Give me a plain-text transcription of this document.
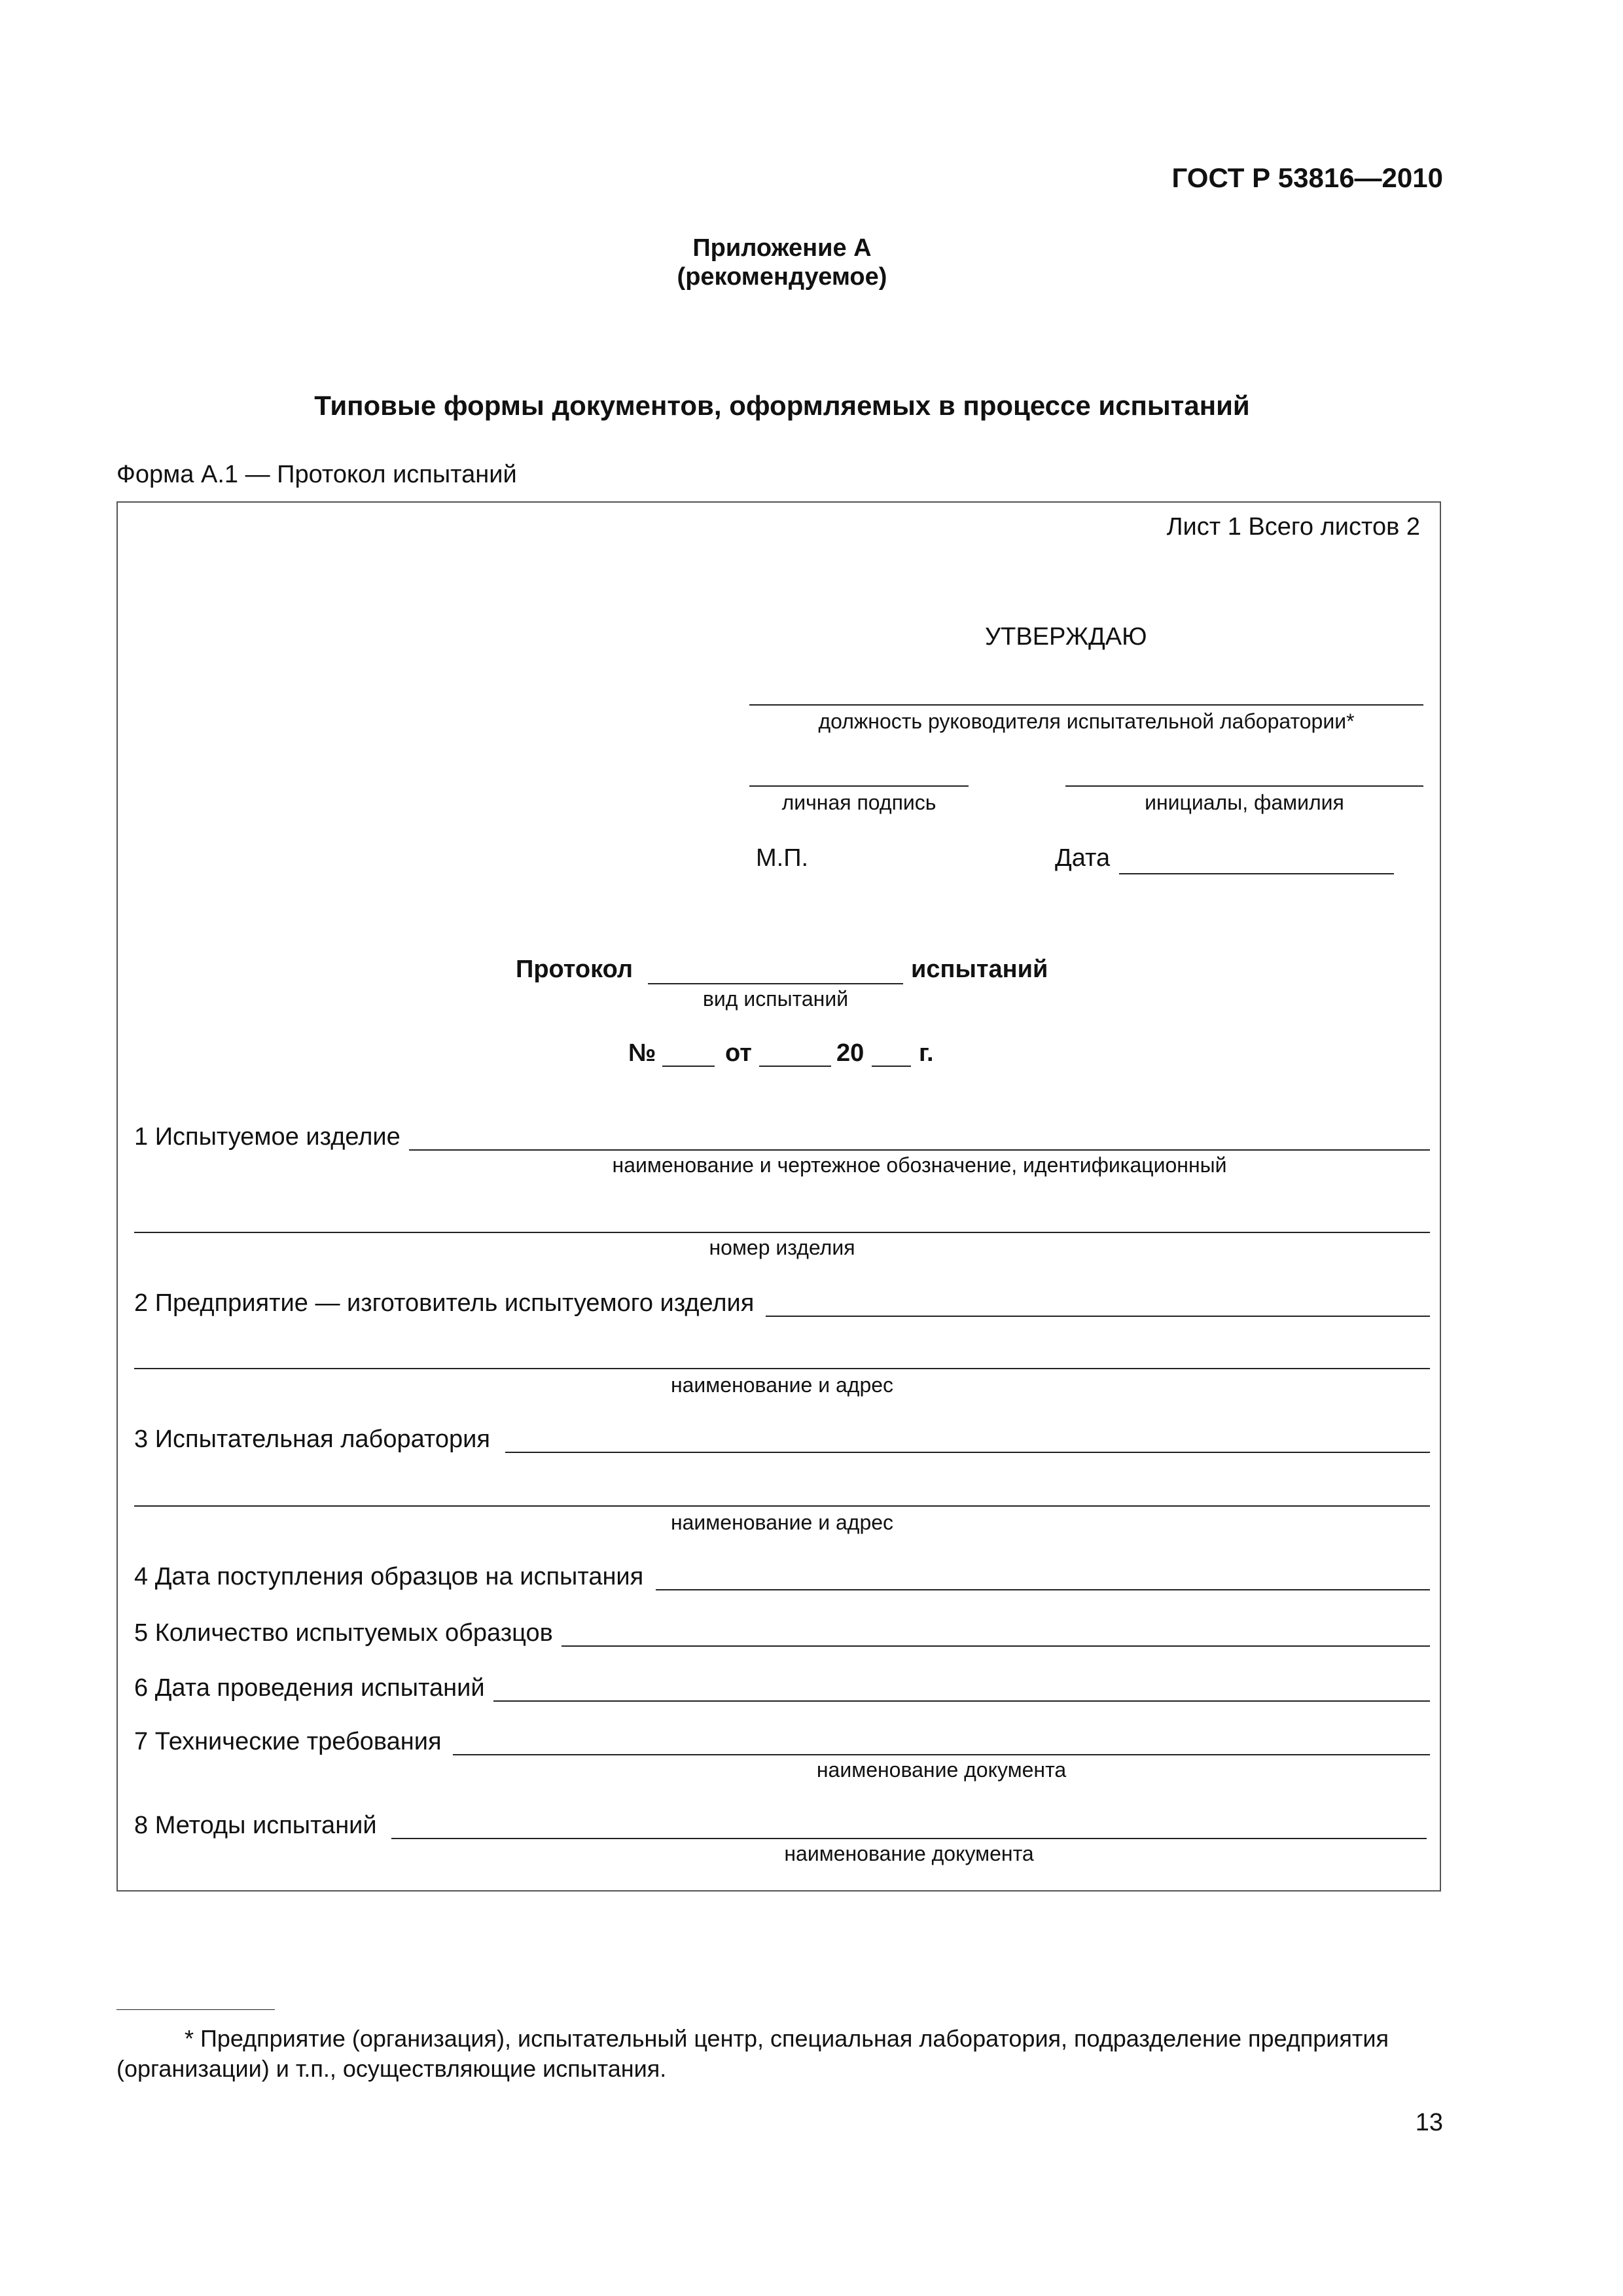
ГОСТ Р 53816—2010
Приложение А
(рекомендуемое)
Типовые формы документов, оформляемых в процессе испытаний
Форма А.1 — Протокол испытаний
Лист 1 Всего листов 2
УТВЕРЖДАЮ
должность руководителя испытательной лаборатории*
личная подпись	инициалы, фамилия
М.П.	Дата
Протокол	испытаний
вид испытаний
№	от	20 г.
1 Испытуемое изделие
наименование и чертежное обозначение, идентификационный
номер изделия
2 Предприятие — изготовитель испытуемого изделия
наименование и адрес
3 Испытательная лаборатория
наименование и адрес
4 Дата поступления образцов на испытания
5 Количество испытуемых образцов
6 Дата проведения испытаний
7 Технические требования
наименование документа
8 Методы испытаний
наименование документа
* Предприятие (организация), испытательный центр, специальная лаборатория, подразделение предприятия
(организации) и т.п., осуществляющие испытания.
13
